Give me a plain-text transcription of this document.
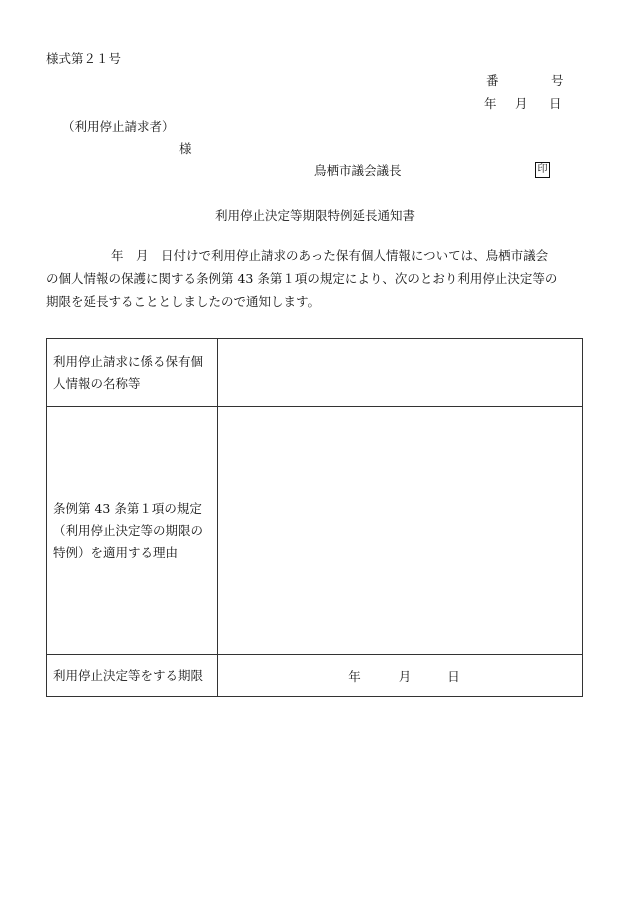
様式第２１号
番	号
年 月 日
（利用停止請求者）
様
鳥栖市議会議長	印
利用停止決定等期限特例延長通知書
年　月　日付けで利用停止請求のあった保有個人情報については、鳥栖市議会
の個人情報の保護に関する条例第 43 条第１項の規定により、次のとおり利用停止決定等の
期限を延長することとしましたので通知します。
利用停止請求に係る保有個
人情報の名称等	

条例第 43 条第１項の規定
（利用停止決定等の期限の
特例）を適用する理由	

利用停止決定等をする期限	年 月 日
